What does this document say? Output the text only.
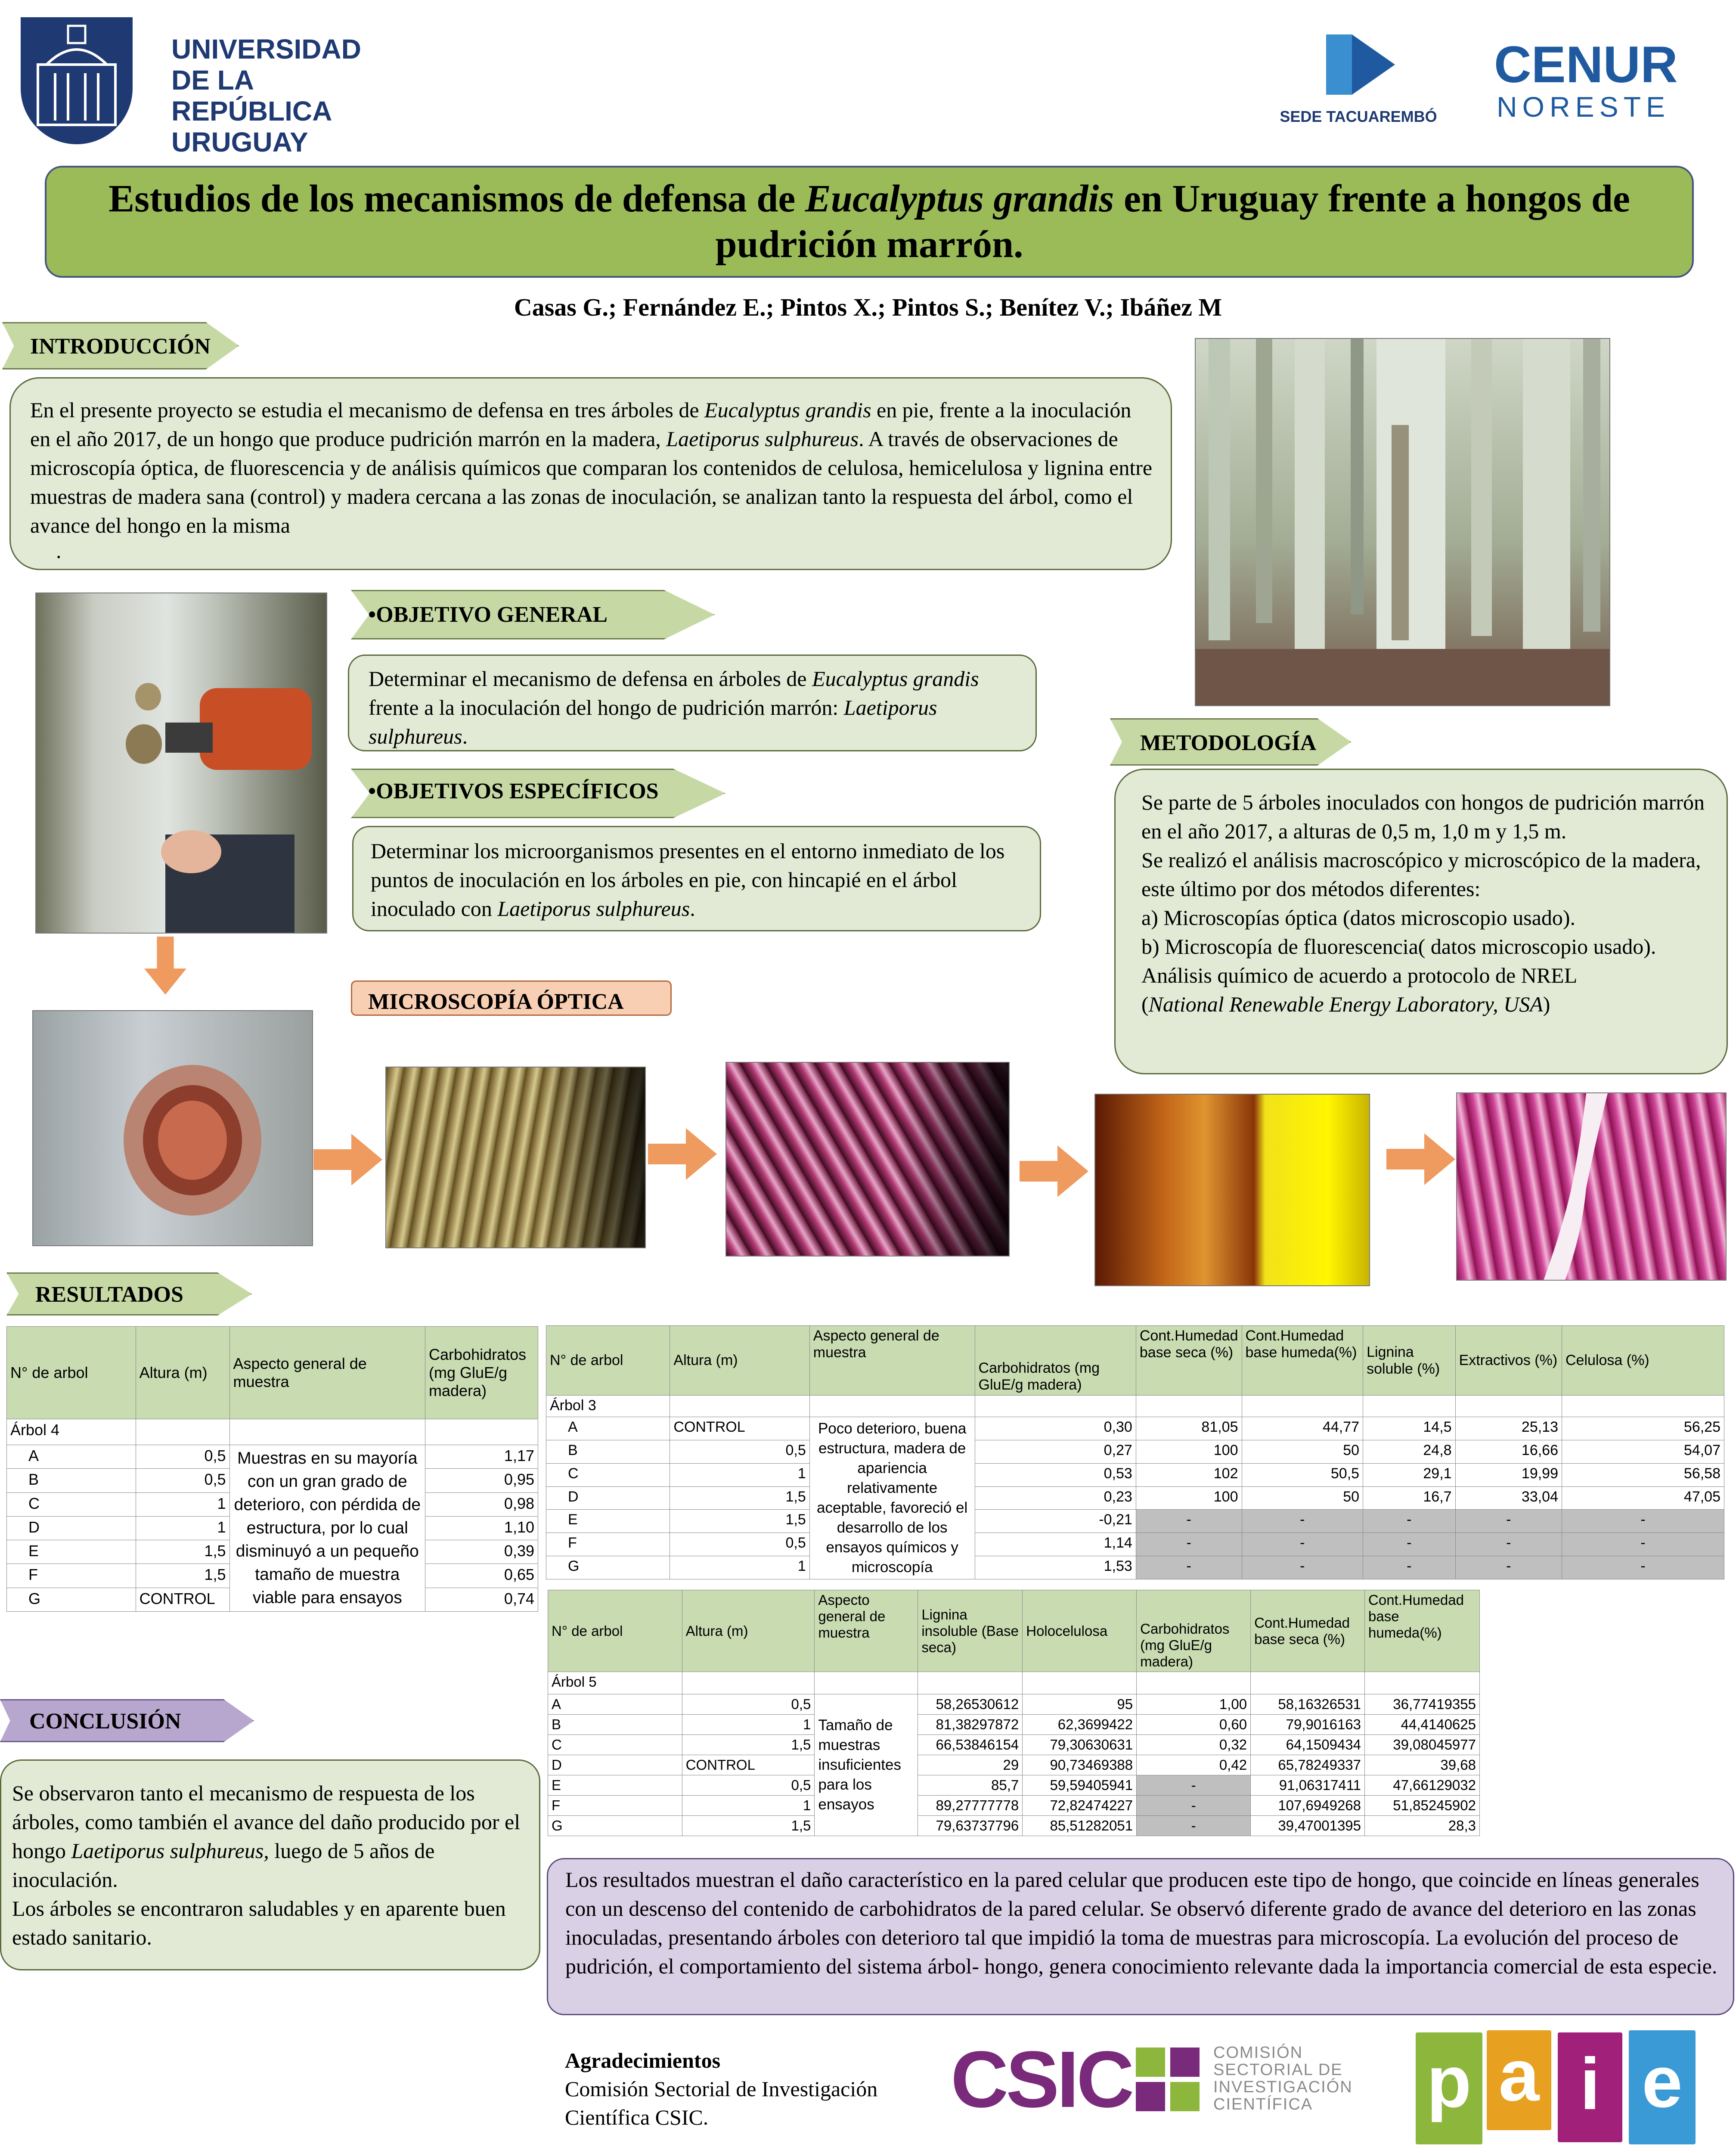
UNIVERSIDAD
DE LA REPÚBLICA
URUGUAY
SEDE TACUAREMBÓ
CENUR
NORESTE
Estudios de los mecanismos de defensa de Eucalyptus grandis en Uruguay frente a hongos de pudrición marrón.
Casas G.; Fernández E.; Pintos X.; Pintos S.; Benítez V.; Ibáñez M
INTRODUCCIÓN
En el presente proyecto se estudia el mecanismo de defensa en tres árboles de Eucalyptus grandis en pie, frente a la inoculación en el año 2017, de un hongo que produce pudrición marrón en la madera, Laetiporus sulphureus. A través de observaciones de microscopía óptica, de fluorescencia y de análisis químicos que comparan los contenidos de celulosa, hemicelulosa y lignina entre muestras de madera sana (control) y madera cercana a las zonas de inoculación, se analizan tanto la respuesta del árbol, como el avance del hongo en la misma
.
•OBJETIVO GENERAL
Determinar el mecanismo de defensa en árboles de Eucalyptus grandis frente a la inoculación del hongo de pudrición marrón: Laetiporus sulphureus.
•OBJETIVOS ESPECÍFICOS
Determinar los microorganismos presentes en el entorno inmediato de los puntos de inoculación en los árboles en pie, con hincapié en el árbol inoculado con Laetiporus sulphureus.
METODOLOGÍA
Se parte de 5 árboles inoculados con hongos de pudrición marrón en el año 2017, a alturas de 0,5 m, 1,0 m y 1,5 m.
Se realizó el análisis macroscópico y microscópico de la madera, este último por dos métodos diferentes:
a) Microscopías óptica (datos microscopio usado).
b) Microscopía de fluorescencia( datos microscopio usado).
Análisis químico de acuerdo a protocolo de NREL
(National Renewable Energy Laboratory, USA)
MICROSCOPÍA ÓPTICA
RESULTADOS
N° de arbol	Altura (m)	Aspecto general de muestra	Carbohidratos (mg GluE/g madera)
Árbol 4			
A	0,5	Muestras en su mayoría con un gran grado de deterioro, con pérdida de estructura, por lo cual disminuyó a un pequeño tamaño de muestra viable para ensayos	1,17
B	0,5		0,95
C	1		0,98
D	1		1,10
E	1,5		0,39
F	1,5		0,65
G	CONTROL		0,74
N° de arbol	Altura (m)	Aspecto general de muestra	Carbohidratos (mg GluE/g madera)	Cont.Humedad base seca (%)	Cont.Humedad base humeda(%)	Lignina soluble (%)	Extractivos (%)	Celulosa (%)
Árbol 3								
A	CONTROL	Poco deterioro, buena estructura, madera de apariencia relativamente aceptable, favoreció el desarrollo de los ensayos químicos y microscopía	0,30	81,05	44,77	14,5	25,13	56,25
B	0,5		0,27	100	50	24,8	16,66	54,07
C	1		0,53	102	50,5	29,1	19,99	56,58
D	1,5		0,23	100	50	16,7	33,04	47,05
E	1,5		-0,21	-	-	-	-	-
F	0,5		1,14	-	-	-	-	-
G	1		1,53	-	-	-	-	-
N° de arbol	Altura (m)	Aspecto general de muestra	Lignina insoluble (Base seca)	Holocelulosa	Carbohidratos (mg GluE/g madera)	Cont.Humedad base seca (%)	Cont.Humedad base humeda(%)
Árbol 5							
A	0,5	Tamaño de muestras insuficientes para los ensayos	58,26530612	95	1,00	58,16326531	36,77419355
B	1		81,38297872	62,3699422	0,60	79,9016163	44,4140625
C	1,5		66,53846154	79,30630631	0,32	64,1509434	39,08045977
D	CONTROL		29	90,73469388	0,42	65,78249337	39,68
E	0,5		85,7	59,59405941	-	91,06317411	47,66129032
F	1		89,27777778	72,82474227	-	107,6949268	51,85245902
G	1,5		79,63737796	85,51282051	-	39,47001395	28,3
CONCLUSIÓN
Se observaron tanto el mecanismo de respuesta de los árboles, como también el avance del daño producido por el hongo Laetiporus sulphureus, luego de 5 años de inoculación.
Los árboles se encontraron saludables y en aparente buen estado sanitario.
Los resultados muestran el daño característico en la pared celular que producen este tipo de hongo, que coincide en líneas generales con un descenso del contenido de carbohidratos de la pared celular. Se observó diferente grado de avance del deterioro en las zonas inoculadas, presentando árboles con deterioro tal que impidió la toma de muestras para microscopía. La evolución del proceso de pudrición, el comportamiento del sistema árbol- hongo, genera conocimiento relevante dada la importancia comercial de esta especie.
Agradecimientos
Comisión Sectorial de Investigación
Científica CSIC.	CSIC	COMISIÓN
SECTORIAL DE
INVESTIGACIÓN
CIENTÍFICA	p a i e
